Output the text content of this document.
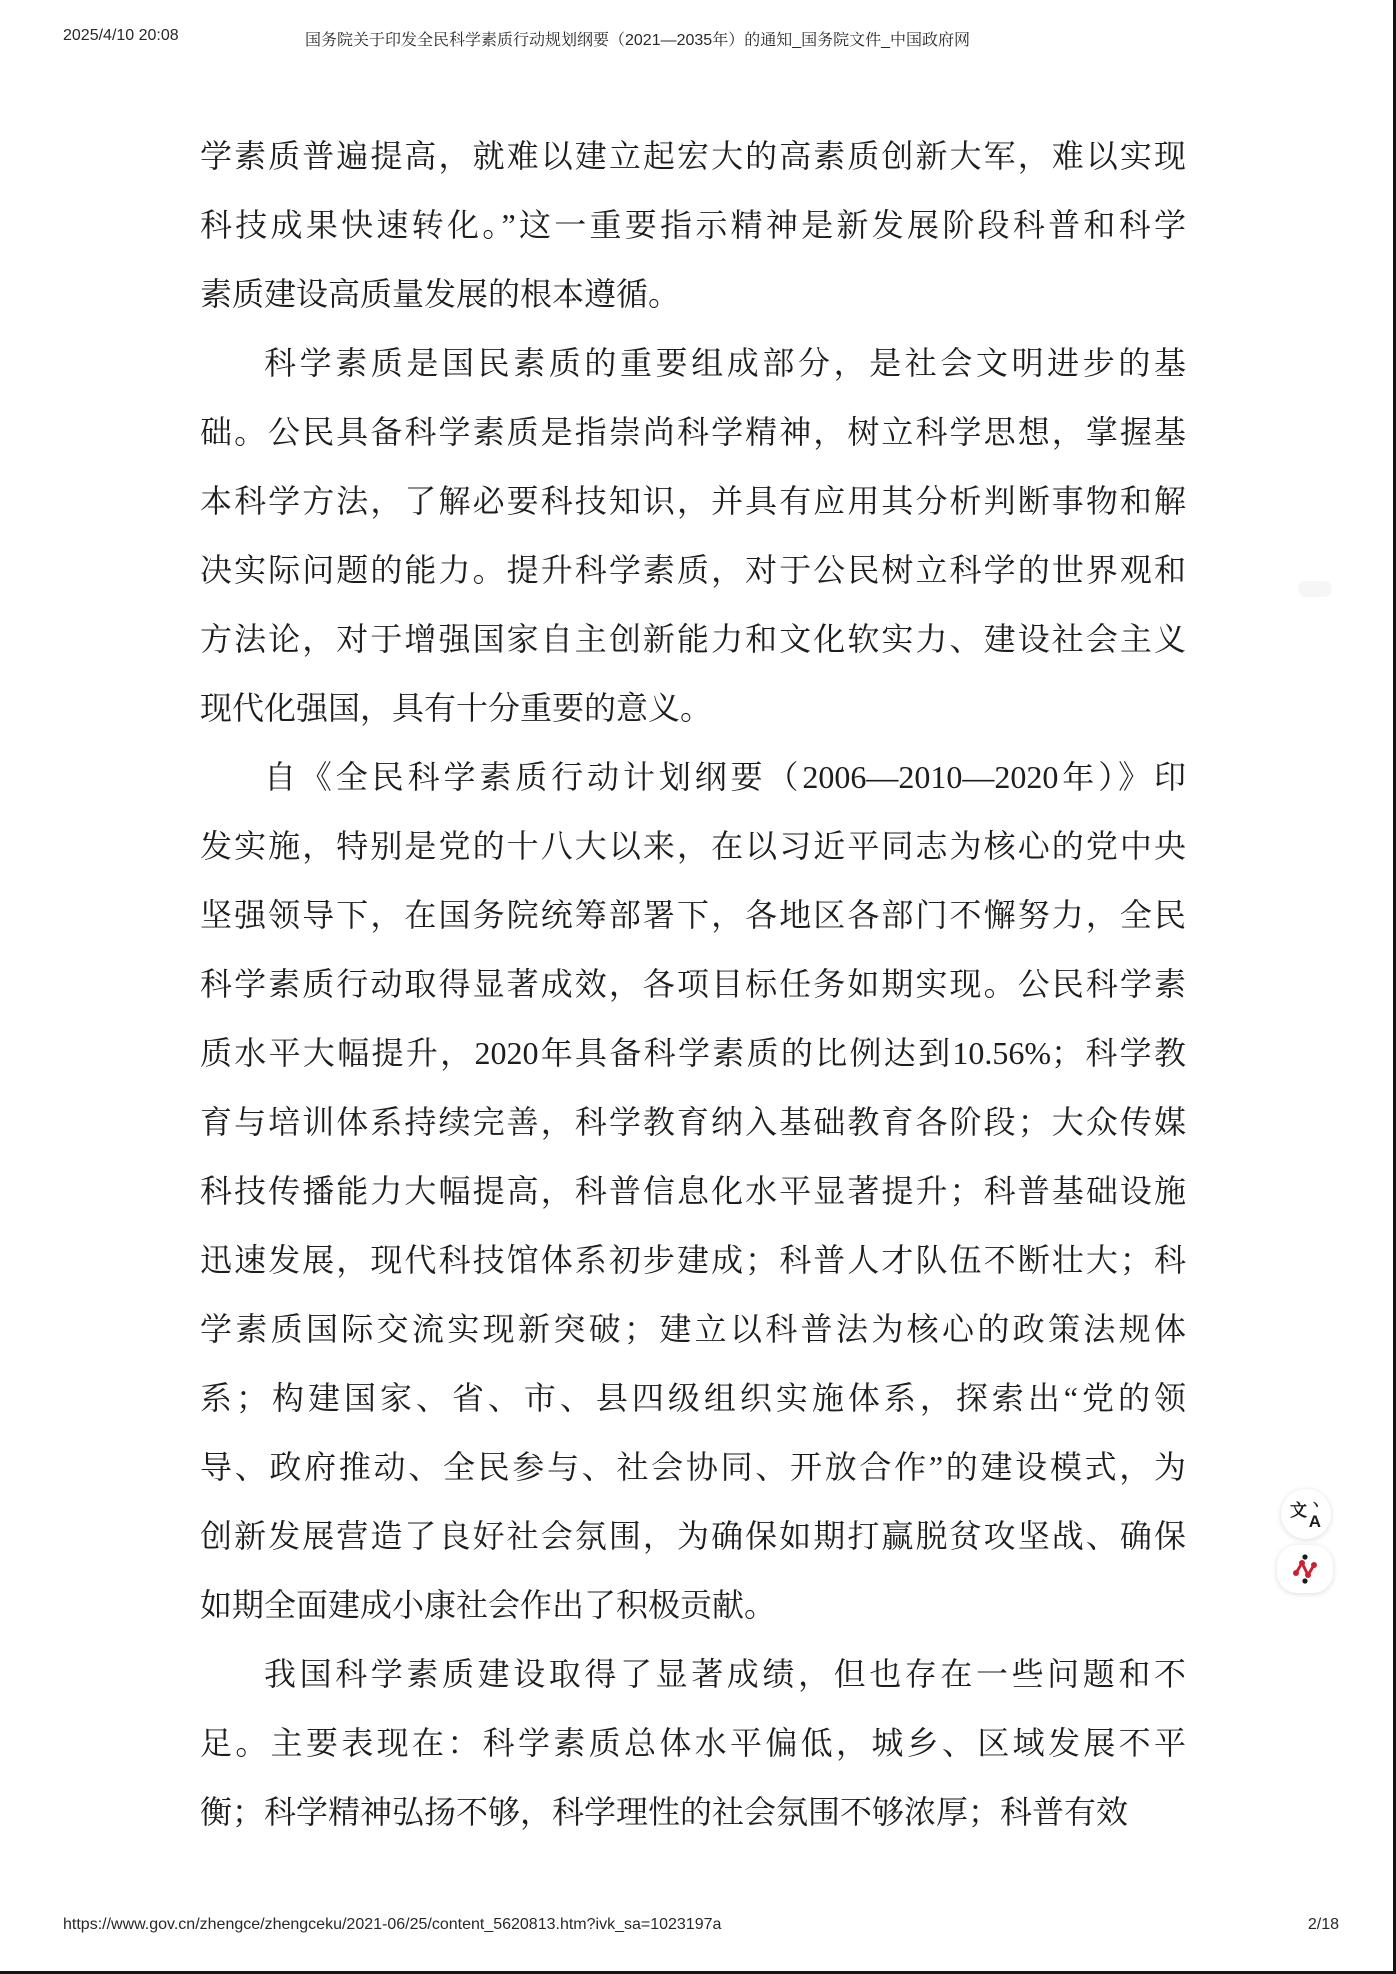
2025/4/10 20:08	国务院关于印发全民科学素质行动规划纲要（2021—2035年）的通知_国务院文件_中国政府网
学素质普遍提高，就难以建立起宏大的高素质创新大军，难以实现
科技成果快速转化。”这一重要指示精神是新发展阶段科普和科学
素质建设高质量发展的根本遵循。
科学素质是国民素质的重要组成部分，是社会文明进步的基
础。公民具备科学素质是指崇尚科学精神，树立科学思想，掌握基
本科学方法，了解必要科技知识，并具有应用其分析判断事物和解
决实际问题的能力。提升科学素质，对于公民树立科学的世界观和
方法论，对于增强国家自主创新能力和文化软实力、建设社会主义
现代化强国，具有十分重要的意义。
自《全民科学素质行动计划纲要（2006—2010—2020年）》印
发实施，特别是党的十八大以来，在以习近平同志为核心的党中央
坚强领导下，在国务院统筹部署下，各地区各部门不懈努力，全民
科学素质行动取得显著成效，各项目标任务如期实现。公民科学素
质水平大幅提升，2020年具备科学素质的比例达到10.56%；科学教
育与培训体系持续完善，科学教育纳入基础教育各阶段；大众传媒
科技传播能力大幅提高，科普信息化水平显著提升；科普基础设施
迅速发展，现代科技馆体系初步建成；科普人才队伍不断壮大；科
学素质国际交流实现新突破；建立以科普法为核心的政策法规体
系；构建国家、省、市、县四级组织实施体系，探索出“党的领
导、政府推动、全民参与、社会协同、开放合作”的建设模式，为
创新发展营造了良好社会氛围，为确保如期打赢脱贫攻坚战、确保
如期全面建成小康社会作出了积极贡献。
我国科学素质建设取得了显著成绩，但也存在一些问题和不
足。主要表现在：科学素质总体水平偏低，城乡、区域发展不平
衡；科学精神弘扬不够，科学理性的社会氛围不够浓厚；科普有效
文 ヽ
A
https://www.gov.cn/zhengce/zhengceku/2021-06/25/content_5620813.htm?ivk_sa=1023197a	2/18
